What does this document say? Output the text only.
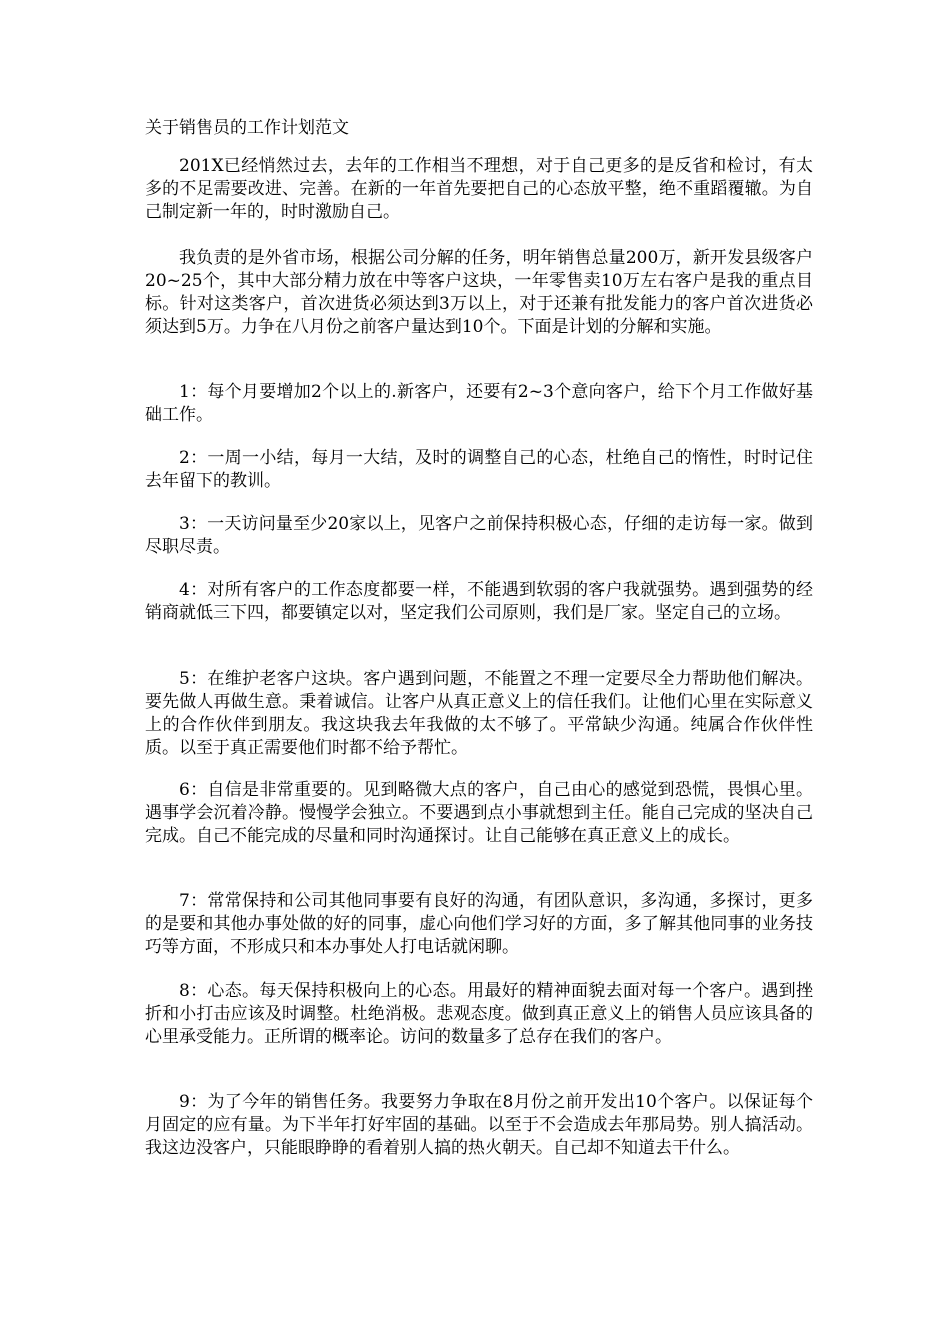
关于销售员的工作计划范文

201X已经悄然过去，去年的工作相当不理想，对于自己更多的是反省和检讨，有太多的不足需要改进、完善。在新的一年首先要把自己的心态放平整，绝不重蹈覆辙。为自己制定新一年的，时时激励自己。

我负责的是外省市场，根据公司分解的任务，明年销售总量200万，新开发县级客户20~25个，其中大部分精力放在中等客户这块，一年零售卖10万左右客户是我的重点目标。针对这类客户，首次进货必须达到3万以上，对于还兼有批发能力的客户首次进货必须达到5万。力争在八月份之前客户量达到10个。下面是计划的分解和实施。

1：每个月要增加2个以上的.新客户，还要有2~3个意向客户，给下个月工作做好基础工作。

2：一周一小结，每月一大结，及时的调整自己的心态，杜绝自己的惰性，时时记住去年留下的教训。

3：一天访问量至少20家以上，见客户之前保持积极心态，仔细的走访每一家。做到尽职尽责。

4：对所有客户的工作态度都要一样，不能遇到软弱的客户我就强势。遇到强势的经销商就低三下四，都要镇定以对，坚定我们公司原则，我们是厂家。坚定自己的立场。

5：在维护老客户这块。客户遇到问题，不能置之不理一定要尽全力帮助他们解决。要先做人再做生意。秉着诚信。让客户从真正意义上的信任我们。让他们心里在实际意义上的合作伙伴到朋友。我这块我去年我做的太不够了。平常缺少沟通。纯属合作伙伴性质。以至于真正需要他们时都不给予帮忙。

6：自信是非常重要的。见到略微大点的客户，自己由心的感觉到恐慌，畏惧心里。遇事学会沉着冷静。慢慢学会独立。不要遇到点小事就想到主任。能自己完成的坚决自己完成。自己不能完成的尽量和同时沟通探讨。让自己能够在真正意义上的成长。

7：常常保持和公司其他同事要有良好的沟通，有团队意识，多沟通，多探讨，更多的是要和其他办事处做的好的同事，虚心向他们学习好的方面，多了解其他同事的业务技巧等方面，不形成只和本办事处人打电话就闲聊。

8：心态。每天保持积极向上的心态。用最好的精神面貌去面对每一个客户。遇到挫折和小打击应该及时调整。杜绝消极。悲观态度。做到真正意义上的销售人员应该具备的心里承受能力。正所谓的概率论。访问的数量多了总存在我们的客户。

9：为了今年的销售任务。我要努力争取在8月份之前开发出10个客户。以保证每个月固定的应有量。为下半年打好牢固的基础。以至于不会造成去年那局势。别人搞活动。我这边没客户，只能眼睁睁的看着别人搞的热火朝天。自己却不知道去干什么。
